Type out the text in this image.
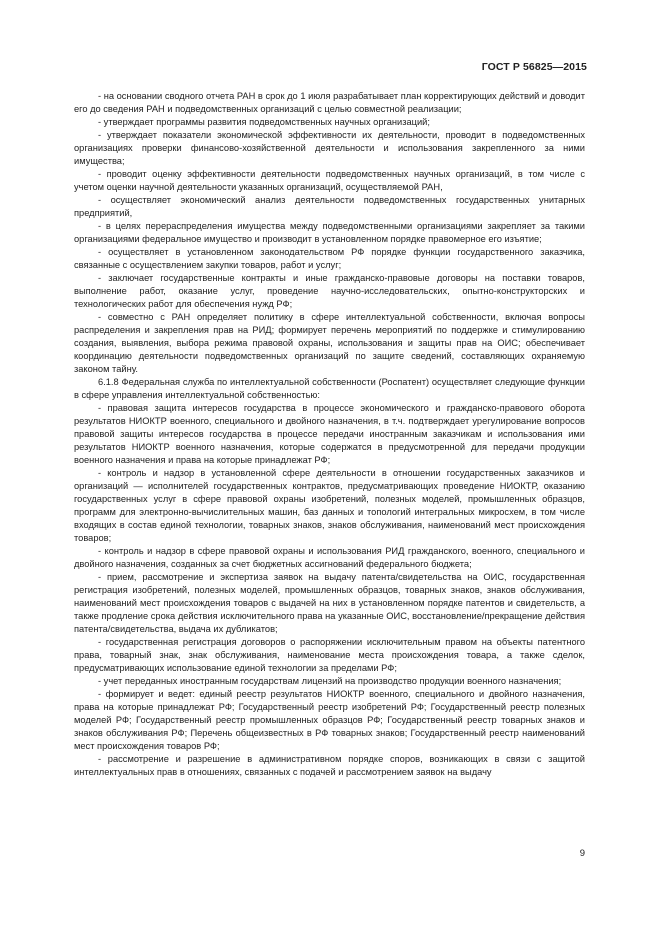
ГОСТ Р 56825—2015

- на основании сводного отчета РАН в срок до 1 июля разрабатывает план корректирующих действий и доводит его до сведения РАН и подведомственных организаций с целью совместной реализации;

- утверждает программы развития подведомственных научных организаций;

- утверждает показатели экономической эффективности их деятельности, проводит в подведомственных организациях проверки финансово-хозяйственной деятельности и использования закрепленного за ними имущества;

- проводит оценку эффективности деятельности подведомственных научных организаций, в том числе с учетом оценки научной деятельности указанных организаций, осуществляемой РАН,

- осуществляет экономический анализ деятельности подведомственных государственных унитарных предприятий,

- в целях перераспределения имущества между подведомственными организациями закрепляет за такими организациями федеральное имущество и производит в установленном порядке правомерное его изъятие;

- осуществляет в установленном законодательством РФ порядке функции государственного заказчика, связанные с осуществлением закупки товаров, работ и услуг;

- заключает государственные контракты и иные гражданско-правовые договоры на поставки товаров, выполнение работ, оказание услуг, проведение научно-исследовательских, опытно-конструкторских и технологических работ для обеспечения нужд РФ;

- совместно с РАН определяет политику в сфере интеллектуальной собственности, включая вопросы распределения и закрепления прав на РИД; формирует перечень мероприятий по поддержке и стимулированию создания, выявления, выбора режима правовой охраны, использования и защиты прав на ОИС; обеспечивает координацию деятельности подведомственных организаций по защите сведений, составляющих охраняемую законом тайну.

6.1.8 Федеральная служба по интеллектуальной собственности (Роспатент) осуществляет следующие функции в сфере управления интеллектуальной собственностью:

- правовая защита интересов государства в процессе экономического и гражданско-правового оборота результатов НИОКТР военного, специального и двойного назначения, в т.ч. подтверждает урегулирование вопросов правовой защиты интересов государства в процессе передачи иностранным заказчикам и использования ими результатов НИОКТР военного назначения, которые содержатся в предусмотренной для передачи продукции военного назначения и права на которые принадлежат РФ;

- контроль и надзор в установленной сфере деятельности в отношении государственных заказчиков и организаций — исполнителей государственных контрактов, предусматривающих проведение НИОКТР, оказанию государственных услуг в сфере правовой охраны изобретений, полезных моделей, промышленных образцов, программ для электронно-вычислительных машин, баз данных и топологий интегральных микросхем, в том числе входящих в состав единой технологии, товарных знаков, знаков обслуживания, наименований мест происхождения товаров;

- контроль и надзор в сфере правовой охраны и использования РИД гражданского, военного, специального и двойного назначения, созданных за счет бюджетных ассигнований федерального бюджета;

- прием, рассмотрение и экспертиза заявок на выдачу патента/свидетельства на ОИС, государственная регистрация изобретений, полезных моделей, промышленных образцов, товарных знаков, знаков обслуживания, наименований мест происхождения товаров с выдачей на них в установленном порядке патентов и свидетельств, а также продление срока действия исключительного права на указанные ОИС, восстановление/прекращение действия патента/свидетельства, выдача их дубликатов;

- государственная регистрация договоров о распоряжении исключительным правом на объекты патентного права, товарный знак, знак обслуживания, наименование места происхождения товара, а также сделок, предусматривающих использование единой технологии за пределами РФ;

- учет переданных иностранным государствам лицензий на производство продукции военного назначения;

- формирует и ведет: единый реестр результатов НИОКТР военного, специального и двойного назначения, права на которые принадлежат РФ; Государственный реестр изобретений РФ; Государственный реестр полезных моделей РФ; Государственный реестр промышленных образцов РФ; Государственный реестр товарных знаков и знаков обслуживания РФ; Перечень общеизвестных в РФ товарных знаков; Государственный реестр наименований мест происхождения товаров РФ;

- рассмотрение и разрешение в административном порядке споров, возникающих в связи с защитой интеллектуальных прав в отношениях, связанных с подачей и рассмотрением заявок на выдачу

9
